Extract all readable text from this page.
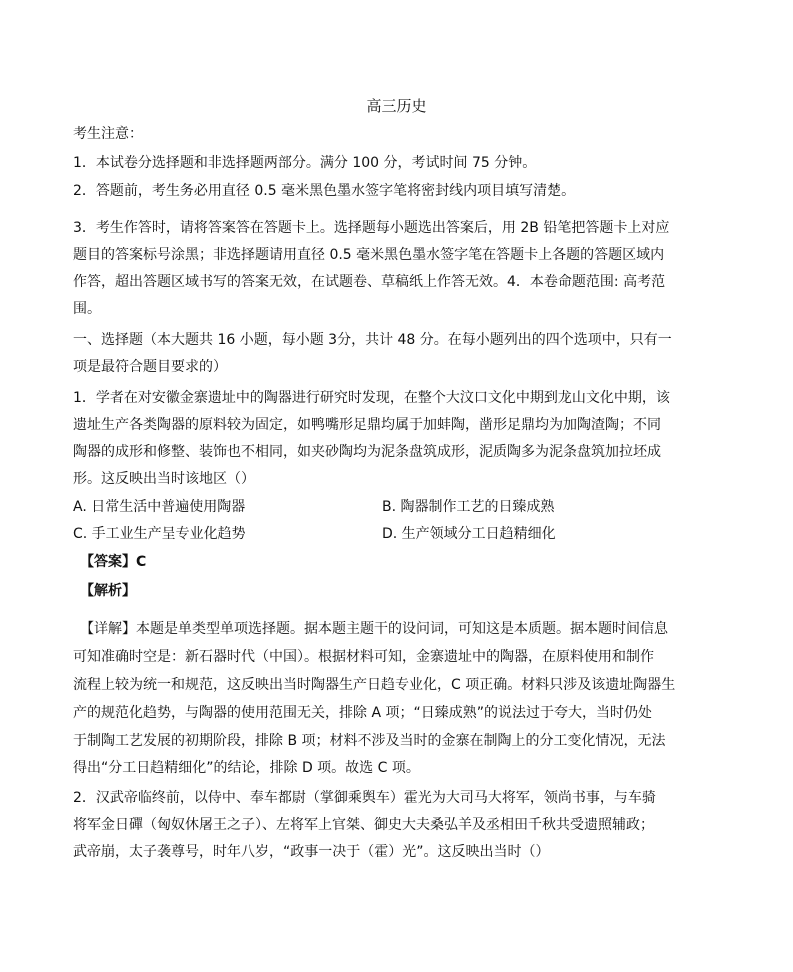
高三历史
考生注意：
1．本试卷分选择题和非选择题两部分。满分 100 分，考试时间 75 分钟。
2．答题前，考生务必用直径 0.5 毫米黑色墨水签字笔将密封线内项目填写清楚。
3．考生作答时，请将答案答在答题卡上。选择题每小题选出答案后，用 2B 铅笔把答题卡上对应
题目的答案标号涂黑；非选择题请用直径 0.5 毫米黑色墨水签字笔在答题卡上各题的答题区域内
作答，超出答题区域书写的答案无效，在试题卷、草稿纸上作答无效。4．本卷命题范围: 高考范
围。
一、选择题（本大题共 16 小题，每小题 3分，共计 48 分。在每小题列出的四个选项中，只有一
项是最符合题目要求的）
1．学者在对安徽金寨遗址中的陶器进行研究时发现，在整个大汶口文化中期到龙山文化中期，该
遗址生产各类陶器的原料较为固定，如鸭嘴形足鼎均属于加蚌陶，凿形足鼎均为加陶渣陶；不同
陶器的成形和修整、装饰也不相同，如夹砂陶均为泥条盘筑成形，泥质陶多为泥条盘筑加拉坯成
形。这反映出当时该地区（）
A. 日常生活中普遍使用陶器	B. 陶器制作工艺的日臻成熟
C. 手工业生产呈专业化趋势	D. 生产领域分工日趋精细化
【答案】C
【解析】
【详解】本题是单类型单项选择题。据本题主题干的设问词，可知这是本质题。据本题时间信息
可知准确时空是：新石器时代（中国）。根据材料可知，金寨遗址中的陶器，在原料使用和制作
流程上较为统一和规范，这反映出当时陶器生产日趋专业化，C 项正确。材料只涉及该遗址陶器生
产的规范化趋势，与陶器的使用范围无关，排除 A 项；“日臻成熟”的说法过于夸大，当时仍处
于制陶工艺发展的初期阶段，排除 B 项；材料不涉及当时的金寨在制陶上的分工变化情况，无法
得出“分工日趋精细化”的结论，排除 D 项。故选 C 项。
2．汉武帝临终前，以侍中、奉车都尉（掌御乘舆车）霍光为大司马大将军，领尚书事，与车骑
将军金日磾（匈奴休屠王之子）、左将军上官桀、御史大夫桑弘羊及丞相田千秋共受遗照辅政；
武帝崩，太子袭尊号，时年八岁，“政事一决于（霍）光”。这反映出当时（）
